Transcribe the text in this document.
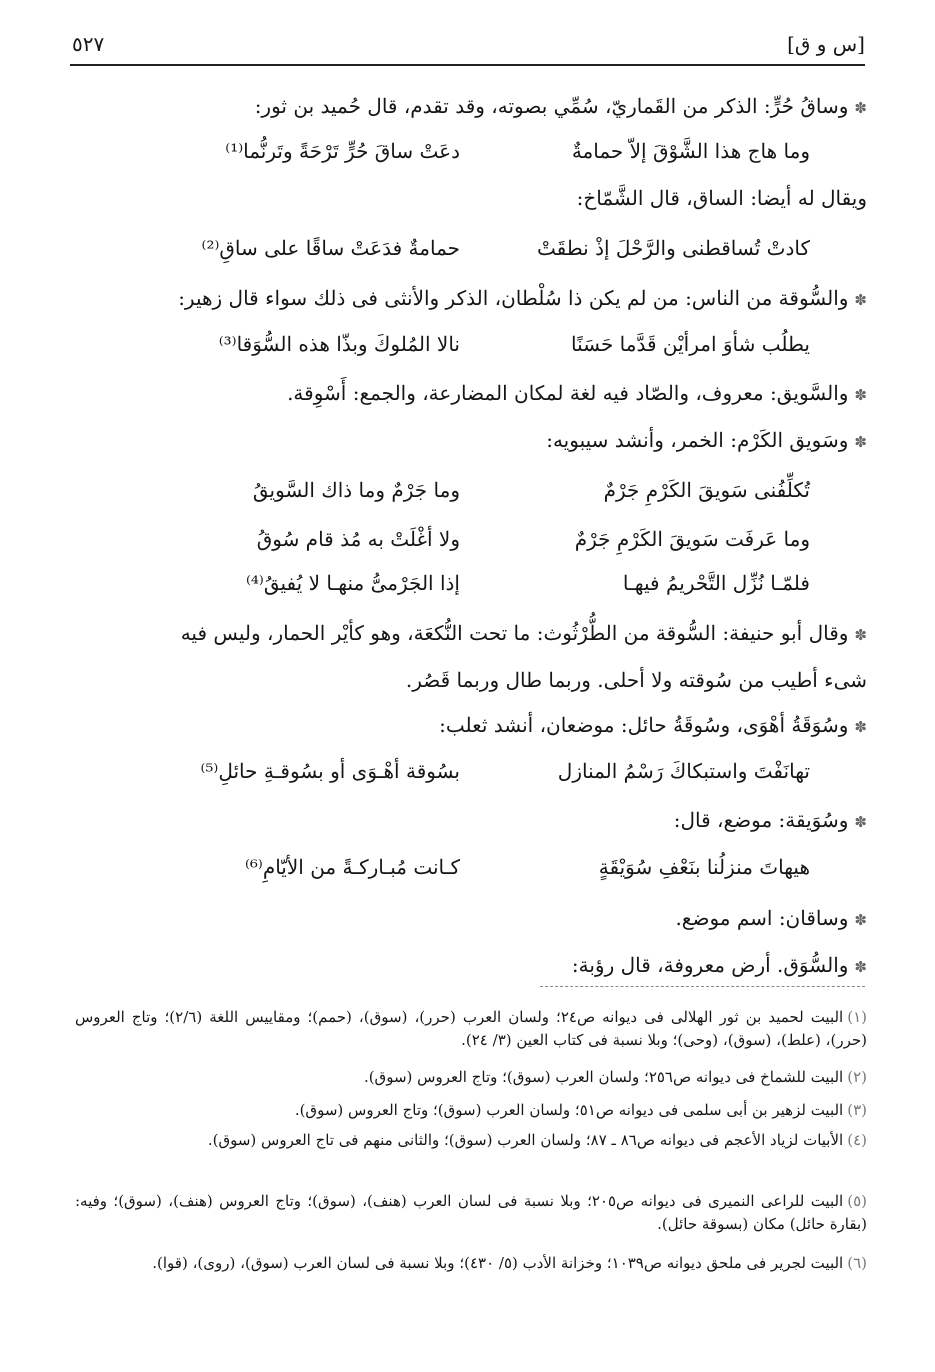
[س و ق]
٥٢٧
✽وساقُ حُرٍّ: الذكر من القَماريّ، سُمِّي بصوته، وقد تقدم، قال حُميد بن ثور:
وما هاج هذا الشَّوْقَ إلاّ حمامةٌ
دعَتْ ساقَ حُرٍّ تَرْحَةً وتَرنُّما⁽¹⁾
ويقال له أيضا: الساق، قال الشَّمّاخ:
كادتْ تُساقطنى والرَّحْلَ إذْ نطقَتْ
حمامةٌ فدَعَتْ ساقًا على ساقِ⁽²⁾
✽والسُّوقة من الناس: من لم يكن ذا سُلْطان، الذكر والأنثى فى ذلك سواء قال زهير:
يطلُب شأوَ امرأيْن قَدَّما حَسَنًا
نالا المُلوكَ وبذّا هذه السُّوَقا⁽³⁾
✽والسَّويق: معروف، والصّاد فيه لغة لمكان المضارعة، والجمع: أَسْوِقة.
✽وسَويق الكَرْم: الخمر، وأنشد سيبويه:
تُكلِّفُنى سَويقَ الكَرْمِ جَرْمٌ
وما جَرْمٌ وما ذاك السَّويقُ
وما عَرفَت سَويقَ الكَرْمِ جَرْمٌ
ولا أغْلَتْ به مُذ قام سُوقُ
فلمّـا نُزِّل التَّحْريمُ فيهـا
إذا الجَرْمىُّ منهـا لا يُفيقُ⁽⁴⁾
✽وقال أبو حنيفة: السُّوقة من الطُّرْثُوث: ما تحت النُّكعَة، وهو كأيْر الحمار، وليس فيه
شىء أطيب من سُوقته ولا أحلى. وربما طال وربما قَصُر.
✽وسُوَقَةُ أهْوَى، وسُوقَةُ حائل: موضعان، أنشد ثعلب:
تهانَفْتَ واستبكاكَ رَسْمُ المنازل
بسُوقة أهْـوَى أو بسُوقـةِ حائلِ⁽⁵⁾
✽وسُوَيقة: موضع، قال:
هيهاتَ منزلُنا بنَعْفِ سُوَيْقَةٍ
كـانت مُبـاركـةً من الأيّامِ⁽⁶⁾
✽وساقان: اسم موضع.
✽والسُّوَق. أرض معروفة، قال رؤبة:
(١)البيت لحميد بن ثور الهلالى فى ديوانه ص٢٤؛ ولسان العرب (حرر)، (سوق)، (حمم)؛ ومقاييس اللغة (٢/٦)؛ وتاج العروس (حرر)، (علط)، (سوق)، (وحى)؛ وبلا نسبة فى كتاب العين (٣/ ٢٤).
(٢)البيت للشماخ فى ديوانه ص٢٥٦؛ ولسان العرب (سوق)؛ وتاج العروس (سوق).
(٣)البيت لزهير بن أبى سلمى فى ديوانه ص٥١؛ ولسان العرب (سوق)؛ وتاج العروس (سوق).
(٤)الأبيات لزياد الأعجم فى ديوانه ص٨٦ ـ ٨٧؛ ولسان العرب (سوق)؛ والثانى منهم فى تاج العروس (سوق).
(٥)البيت للراعى النميرى فى ديوانه ص٢٠٥؛ وبلا نسبة فى لسان العرب (هنف)، (سوق)؛ وتاج العروس (هنف)، (سوق)؛ وفيه: (بقارة حائل) مكان (بسوقة حائل).
(٦)البيت لجرير فى ملحق ديوانه ص١٠٣٩؛ وخزانة الأدب (٥/ ٤٣٠)؛ وبلا نسبة فى لسان العرب (سوق)، (روى)، (قوا).
